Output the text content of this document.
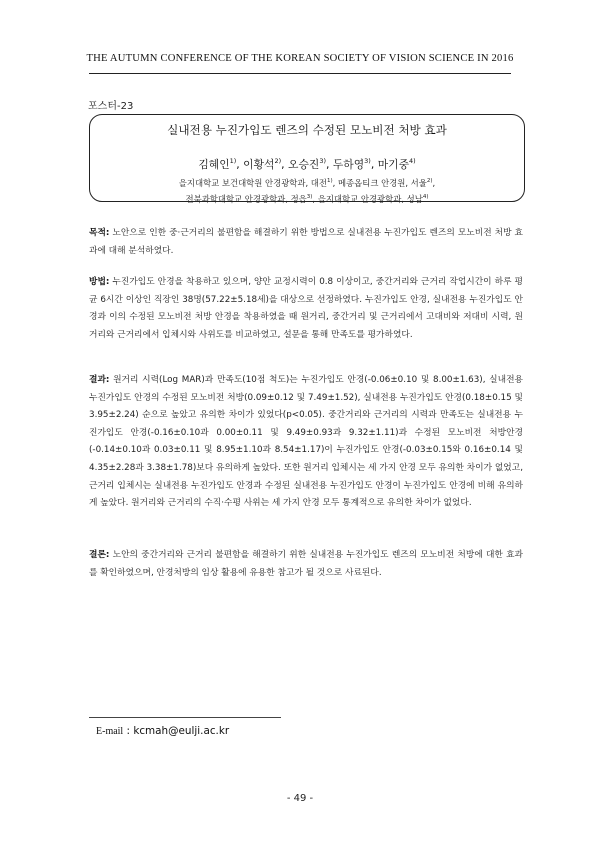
THE AUTUMN CONFERENCE OF THE KOREAN SOCIETY OF VISION SCIENCE IN 2016
포스터-23
실내전용 누진가입도 렌즈의 수정된 모노비전 처방 효과
김혜인$^{1)}$, 이황석$^{2)}$, 오승진$^{3)}$, 두하영$^{3)}$, 마기중$^{4)}$
을지대학교 보건대학원 안경광학과, 대전$^{1)}$, 메종옵티크 안경원, 서울$^{2)}$,
전북과학대학교 안경광학과, 정읍$^{3)}$, 을지대학교 안경광학과, 성남$^{4)}$
목적: 노안으로 인한 중·근거리의 불편함을 해결하기 위한 방법으로 실내전용 누진가입도 렌즈의 모노비전 처방 효과에 대해 분석하였다.
방법: 누진가입도 안경을 착용하고 있으며, 양안 교정시력이 0.8 이상이고, 중간거리와 근거리 작업시간이 하루 평균 6시간 이상인 직장인 38명(57.22±5.18세)을 대상으로 선정하였다. 누진가입도 안경, 실내전용 누진가입도 안경과 이의 수정된 모노비전 처방 안경을 착용하였을 때 원거리, 중간거리 및 근거리에서 고대비와 저대비 시력, 원거리와 근거리에서 입체시와 사위도를 비교하였고, 설문을 통해 만족도를 평가하였다.
결과: 원거리 시력(Log MAR)과 만족도(10점 척도)는 누진가입도 안경(-0.06±0.10 및 8.00±1.63), 실내전용 누진가입도 안경의 수정된 모노비전 처방(0.09±0.12 및 7.49±1.52), 실내전용 누진가입도 안경(0.18±0.15 및 3.95±2.24) 순으로 높았고 유의한 차이가 있었다(p<0.05). 중간거리와 근거리의 시력과 만족도는 실내전용 누진가입도 안경(-0.16±0.10과 0.00±0.11 및 9.49±0.93과 9.32±1.11)과 수정된 모노비전 처방안경(-0.14±0.10과 0.03±0.11 및 8.95±1.10과 8.54±1.17)이 누진가입도 안경(-0.03±0.15와 0.16±0.14 및 4.35±2.28과 3.38±1.78)보다 유의하게 높았다. 또한 원거리 입체시는 세 가지 안경 모두 유의한 차이가 없었고, 근거리 입체시는 실내전용 누진가입도 안경과 수정된 실내전용 누진가입도 안경이 누진가입도 안경에 비해 유의하게 높았다. 원거리와 근거리의 수직·수평 사위는 세 가지 안경 모두 통계적으로 유의한 차이가 없었다.
결론: 노안의 중간거리와 근거리 불편함을 해결하기 위한 실내전용 누진가입도 렌즈의 모노비전 처방에 대한 효과를 확인하였으며, 안경처방의 임상 활용에 유용한 참고가 될 것으로 사료된다.
E-mail : kcmah@eulji.ac.kr
- 49 -
